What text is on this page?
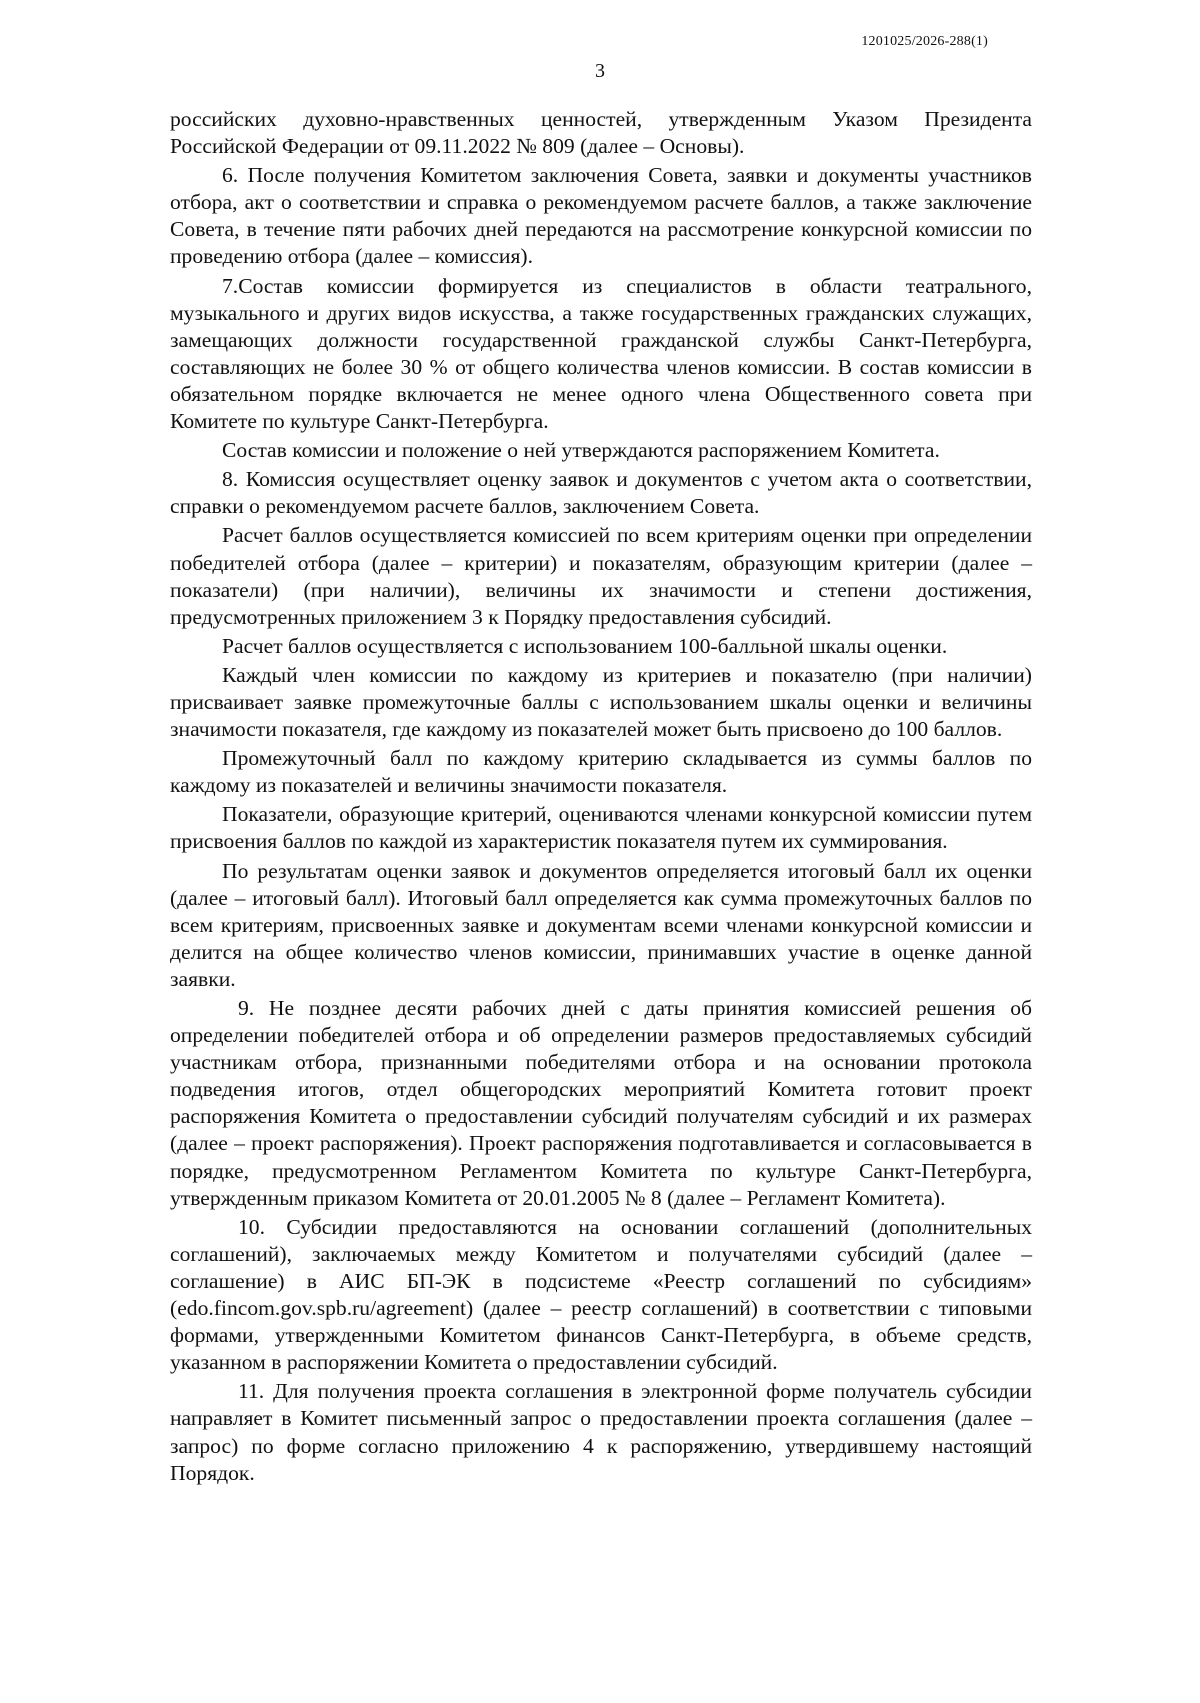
1201025/2026-288(1)
3

российских духовно-нравственных ценностей, утвержденным Указом Президента Российской Федерации от 09.11.2022 № 809 (далее – Основы).

6. После получения Комитетом заключения Совета, заявки и документы участников отбора, акт о соответствии и справка о рекомендуемом расчете баллов, а также заключение Совета, в течение пяти рабочих дней передаются на рассмотрение конкурсной комиссии по проведению отбора (далее – комиссия).

7.Состав комиссии формируется из специалистов в области театрального, музыкального и других видов искусства, а также государственных гражданских служащих, замещающих должности государственной гражданской службы Санкт-Петербурга, составляющих не более 30 % от общего количества членов комиссии. В состав комиссии в обязательном порядке включается не менее одного члена Общественного совета при Комитете по культуре Санкт-Петербурга.

Состав комиссии и положение о ней утверждаются распоряжением Комитета.

8. Комиссия осуществляет оценку заявок и документов с учетом акта о соответствии, справки о рекомендуемом расчете баллов, заключением Совета.

Расчет баллов осуществляется комиссией по всем критериям оценки при определении победителей отбора (далее – критерии) и показателям, образующим критерии (далее – показатели) (при наличии), величины их значимости и степени достижения, предусмотренных приложением 3 к Порядку предоставления субсидий.

Расчет баллов осуществляется с использованием 100-балльной шкалы оценки.

Каждый член комиссии по каждому из критериев и показателю (при наличии) присваивает заявке промежуточные баллы с использованием шкалы оценки и величины значимости показателя, где каждому из показателей может быть присвоено до 100 баллов.

Промежуточный балл по каждому критерию складывается из суммы баллов по каждому из показателей и величины значимости показателя.

Показатели, образующие критерий, оцениваются членами конкурсной комиссии путем присвоения баллов по каждой из характеристик показателя путем их суммирования.

По результатам оценки заявок и документов определяется итоговый балл их оценки (далее – итоговый балл). Итоговый балл определяется как сумма промежуточных баллов по всем критериям, присвоенных заявке и документам всеми членами конкурсной комиссии и делится на общее количество членов комиссии, принимавших участие в оценке данной заявки.

9. Не позднее десяти рабочих дней с даты принятия комиссией решения об определении победителей отбора и об определении размеров предоставляемых субсидий участникам отбора, признанными победителями отбора и на основании протокола подведения итогов, отдел общегородских мероприятий Комитета готовит проект распоряжения Комитета о предоставлении субсидий получателям субсидий и их размерах (далее – проект распоряжения). Проект распоряжения подготавливается и согласовывается в порядке, предусмотренном Регламентом Комитета по культуре Санкт-Петербурга, утвержденным приказом Комитета от 20.01.2005 № 8 (далее – Регламент Комитета).

10. Субсидии предоставляются на основании соглашений (дополнительных соглашений), заключаемых между Комитетом и получателями субсидий (далее – соглашение) в АИС БП-ЭК в подсистеме «Реестр соглашений по субсидиям» (edo.fincom.gov.spb.ru/agreement) (далее – реестр соглашений) в соответствии с типовыми формами, утвержденными Комитетом финансов Санкт-Петербурга, в объеме средств, указанном в распоряжении Комитета о предоставлении субсидий.

11. Для получения проекта соглашения в электронной форме получатель субсидии направляет в Комитет письменный запрос о предоставлении проекта соглашения (далее – запрос) по форме согласно приложению 4 к распоряжению, утвердившему настоящий Порядок.
